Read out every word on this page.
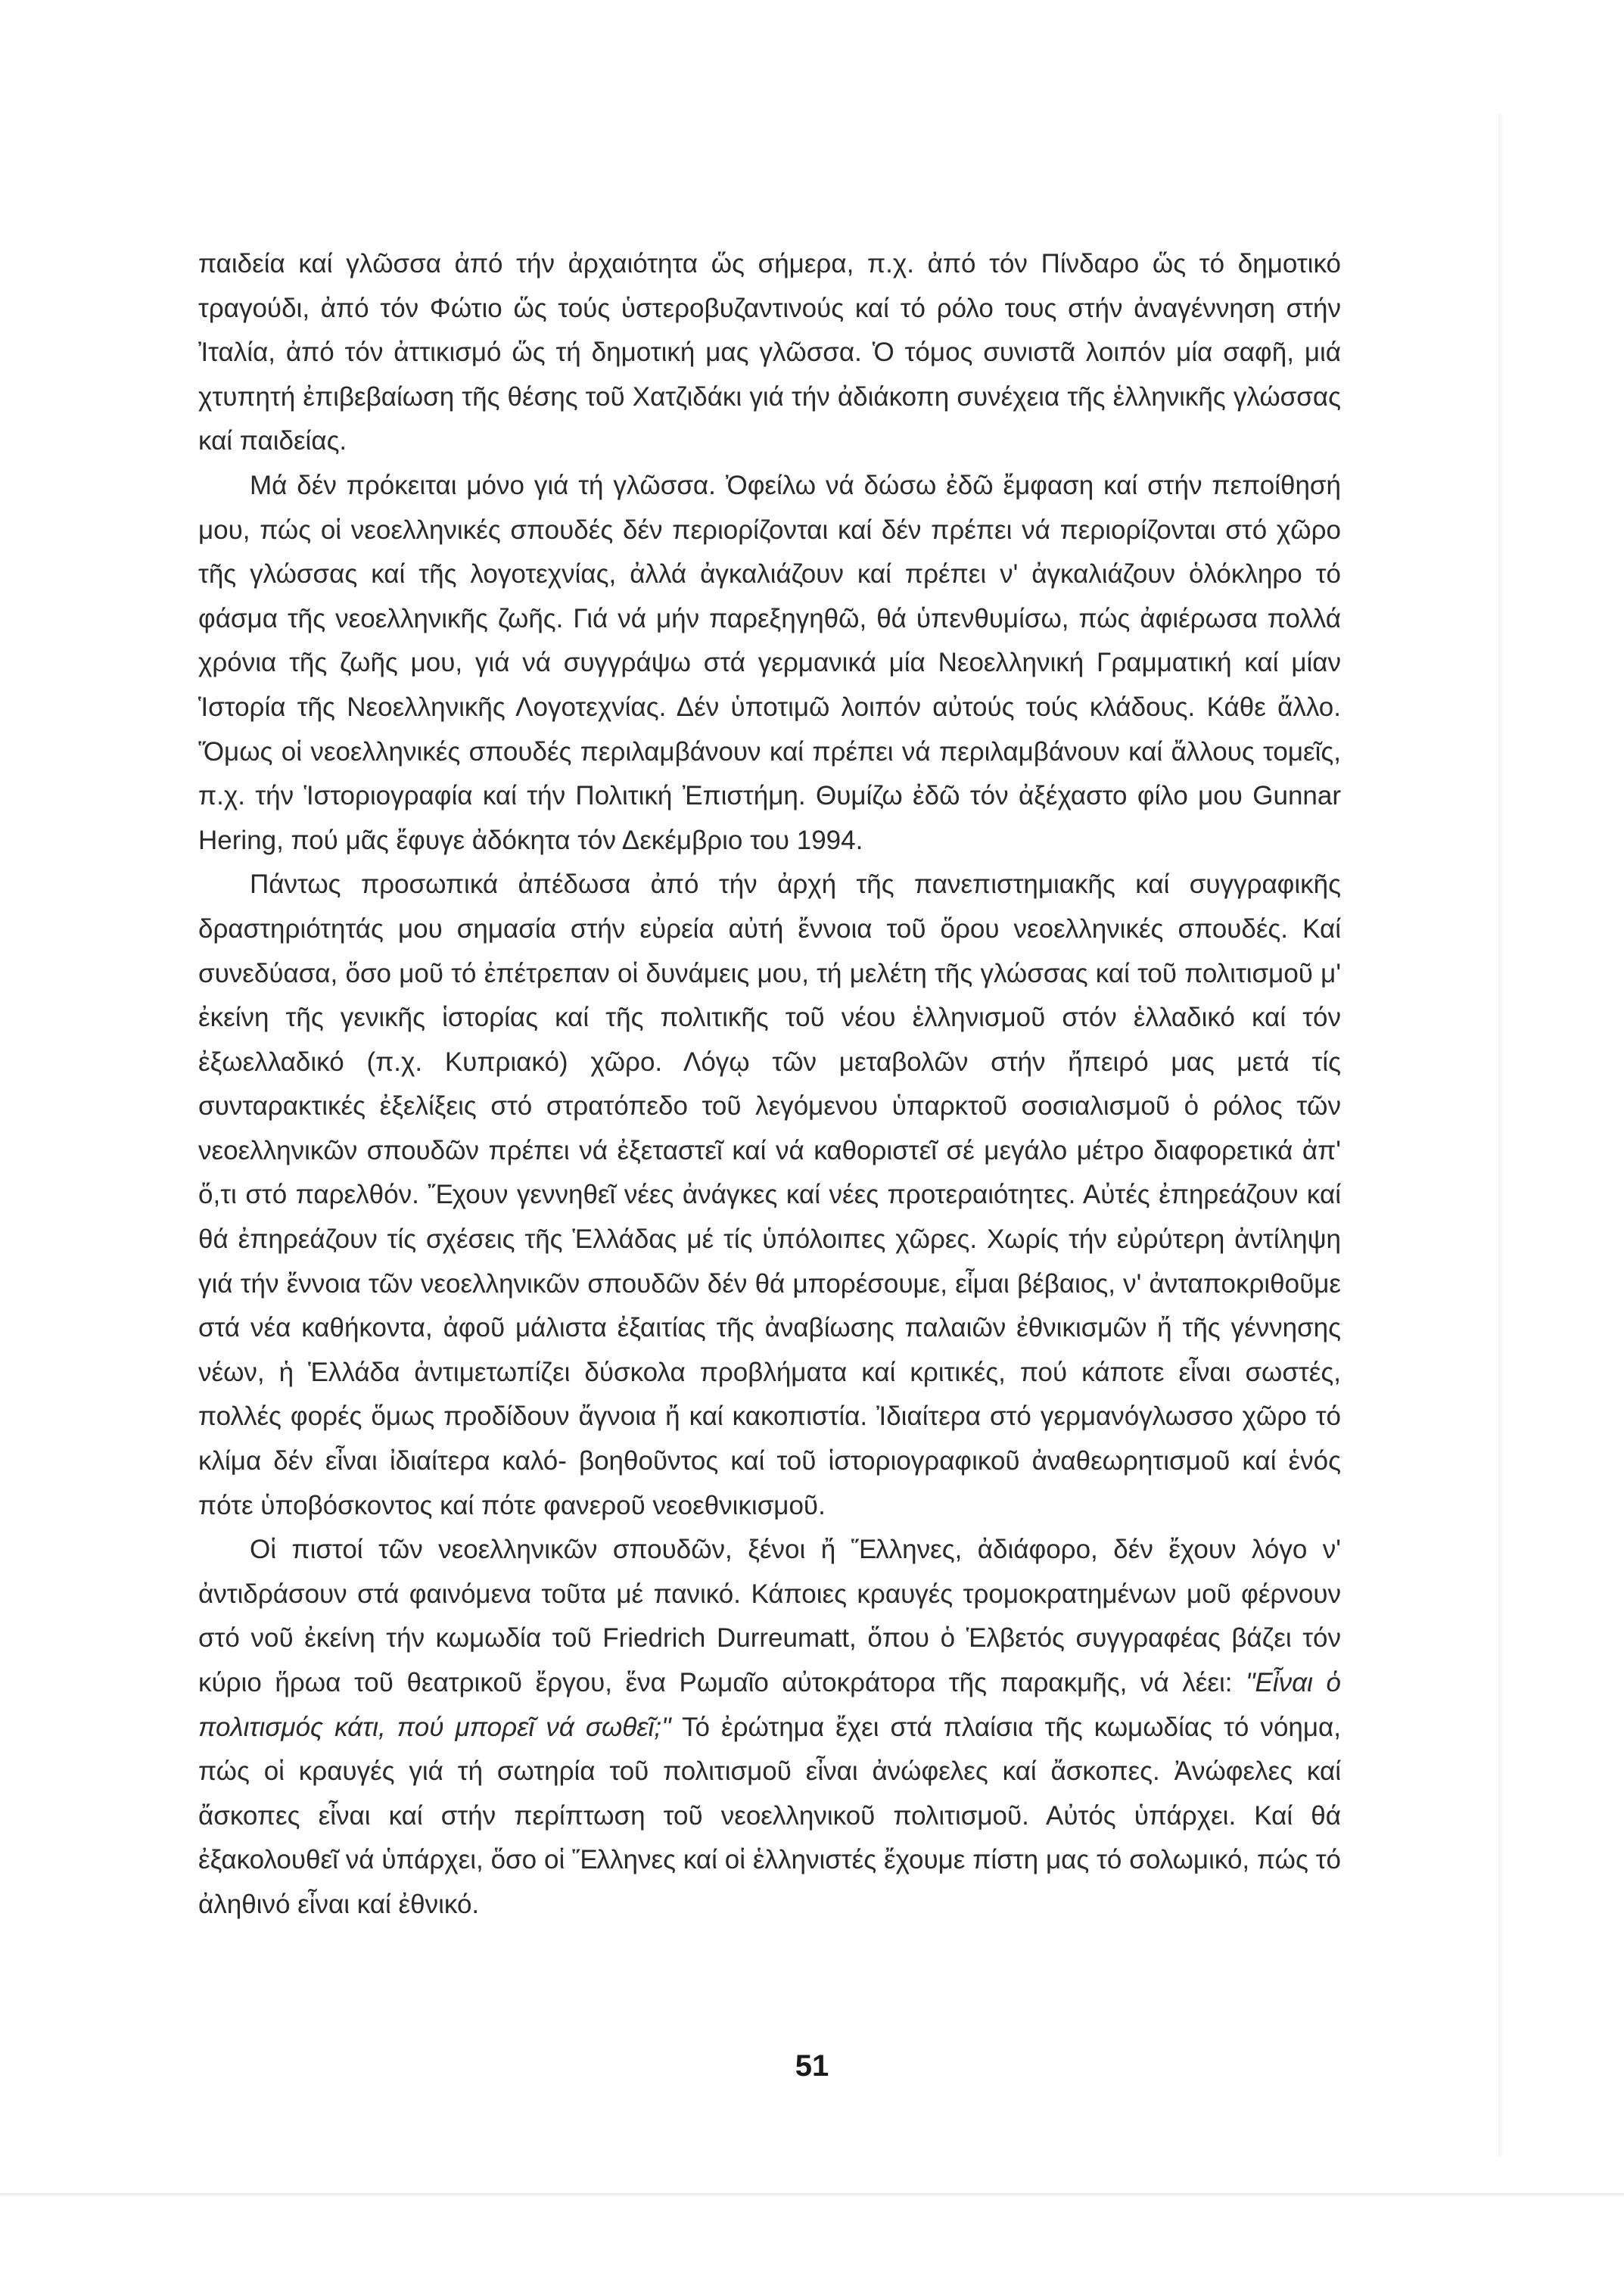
παιδεία καί γλῶσσα ἀπό τήν ἀρχαιότητα ὥς σήμερα, π.χ. ἀπό τόν Πίνδαρο ὥς τό δημοτικό τραγούδι, ἀπό τόν Φώτιο ὥς τούς ὑστεροβυζαντινούς καί τό ρόλο τους στήν ἀναγέννηση στήν Ἰταλία, ἀπό τόν ἀττικισμό ὥς τή δημοτική μας γλῶσσα. Ὁ τόμος συνιστᾶ λοιπόν μία σαφῆ, μιά χτυπητή ἐπιβεβαίωση τῆς θέσης τοῦ Χατζιδάκι γιά τήν ἀδιάκοπη συνέχεια τῆς ἑλληνικῆς γλώσσας καί παιδείας.

Μά δέν πρόκειται μόνο γιά τή γλῶσσα. Ὀφείλω νά δώσω ἐδῶ ἔμφαση καί στήν πεποίθησή μου, πώς οἱ νεοελληνικές σπουδές δέν περιορίζονται καί δέν πρέπει νά περιορίζονται στό χῶρο τῆς γλώσσας καί τῆς λογοτεχνίας, ἀλλά ἀγκαλιάζουν καί πρέπει ν' ἀγκαλιάζουν ὁλόκληρο τό φάσμα τῆς νεοελληνικῆς ζωῆς. Γιά νά μήν παρεξηγηθῶ, θά ὑπενθυμίσω, πώς ἀφιέρωσα πολλά χρόνια τῆς ζωῆς μου, γιά νά συγγράψω στά γερμανικά μία Νεοελληνική Γραμματική καί μίαν Ἱστορία τῆς Νεοελληνικῆς Λογοτεχνίας. Δέν ὑποτιμῶ λοιπόν αὐτούς τούς κλάδους. Κάθε ἄλλο. Ὅμως οἱ νεοελληνικές σπουδές περιλαμβάνουν καί πρέπει νά περιλαμβάνουν καί ἄλλους τομεῖς, π.χ. τήν Ἱστοριογραφία καί τήν Πολιτική Ἐπιστήμη. Θυμίζω ἐδῶ τόν ἀξέχαστο φίλο μου Gunnar Hering, πού μᾶς ἔφυγε ἀδόκητα τόν Δεκέμβριο του 1994.

Πάντως προσωπικά ἀπέδωσα ἀπό τήν ἀρχή τῆς πανεπιστημιακῆς καί συγγραφικῆς δραστηριότητάς μου σημασία στήν εὐρεία αὐτή ἔννοια τοῦ ὅρου νεοελληνικές σπουδές. Καί συνεδύασα, ὅσο μοῦ τό ἐπέτρεπαν οἱ δυνάμεις μου, τή μελέτη τῆς γλώσσας καί τοῦ πολιτισμοῦ μ' ἐκείνη τῆς γενικῆς ἱστορίας καί τῆς πολιτικῆς τοῦ νέου ἑλληνισμοῦ στόν ἑλλαδικό καί τόν ἐξωελλαδικό (π.χ. Κυπριακό) χῶρο. Λόγῳ τῶν μεταβολῶν στήν ἤπειρό μας μετά τίς συνταρακτικές ἐξελίξεις στό στρατόπεδο τοῦ λεγόμενου ὑπαρκτοῦ σοσιαλισμοῦ ὁ ρόλος τῶν νεοελληνικῶν σπουδῶν πρέπει νά ἐξεταστεῖ καί νά καθοριστεῖ σέ μεγάλο μέτρο διαφορετικά ἀπ' ὅ,τι στό παρελθόν. Ἔχουν γεννηθεῖ νέες ἀνάγκες καί νέες προτεραιότητες. Αὐτές ἐπηρεάζουν καί θά ἐπηρεάζουν τίς σχέσεις τῆς Ἑλλάδας μέ τίς ὑπόλοιπες χῶρες. Χωρίς τήν εὐρύτερη ἀντίληψη γιά τήν ἔννοια τῶν νεοελληνικῶν σπουδῶν δέν θά μπορέσουμε, εἶμαι βέβαιος, ν' ἀνταποκριθοῦμε στά νέα καθήκοντα, ἀφοῦ μάλιστα ἐξαιτίας τῆς ἀναβίωσης παλαιῶν ἐθνικισμῶν ἤ τῆς γέννησης νέων, ἡ Ἑλλάδα ἀντιμετωπίζει δύσκολα προβλήματα καί κριτικές, πού κάποτε εἶναι σωστές, πολλές φορές ὅμως προδίδουν ἄγνοια ἤ καί κακοπιστία. Ἰδιαίτερα στό γερμανόγλωσσο χῶρο τό κλίμα δέν εἶναι ἰδιαίτερα καλό- βοηθοῦντος καί τοῦ ἱστοριογραφικοῦ ἀναθεωρητισμοῦ καί ἑνός πότε ὑποβόσκοντος καί πότε φανεροῦ νεοεθνικισμοῦ.

Οἱ πιστοί τῶν νεοελληνικῶν σπουδῶν, ξένοι ἤ Ἕλληνες, ἀδιάφορο, δέν ἔχουν λόγο ν' ἀντιδράσουν στά φαινόμενα τοῦτα μέ πανικό. Κάποιες κραυγές τρομοκρατημένων μοῦ φέρνουν στό νοῦ ἐκείνη τήν κωμωδία τοῦ Friedrich Durreumatt, ὅπου ὁ Ἑλβετός συγγραφέας βάζει τόν κύριο ἥρωα τοῦ θεατρικοῦ ἔργου, ἕνα Ρωμαῖο αὐτοκράτορα τῆς παρακμῆς, νά λέει: "Εἶναι ὁ πολιτισμός κάτι, πού μπορεῖ νά σωθεῖ;" Τό ἐρώτημα ἔχει στά πλαίσια τῆς κωμωδίας τό νόημα, πώς οἱ κραυγές γιά τή σωτηρία τοῦ πολιτισμοῦ εἶναι ἀνώφελες καί ἄσκοπες. Ἀνώφελες καί ἄσκοπες εἶναι καί στήν περίπτωση τοῦ νεοελληνικοῦ πολιτισμοῦ. Αὐτός ὑπάρχει. Καί θά ἐξακολουθεῖ νά ὑπάρχει, ὅσο οἱ Ἕλληνες καί οἱ ἑλληνιστές ἔχουμε πίστη μας τό σολωμικό, πώς τό ἀληθινό εἶναι καί ἐθνικό.

51
